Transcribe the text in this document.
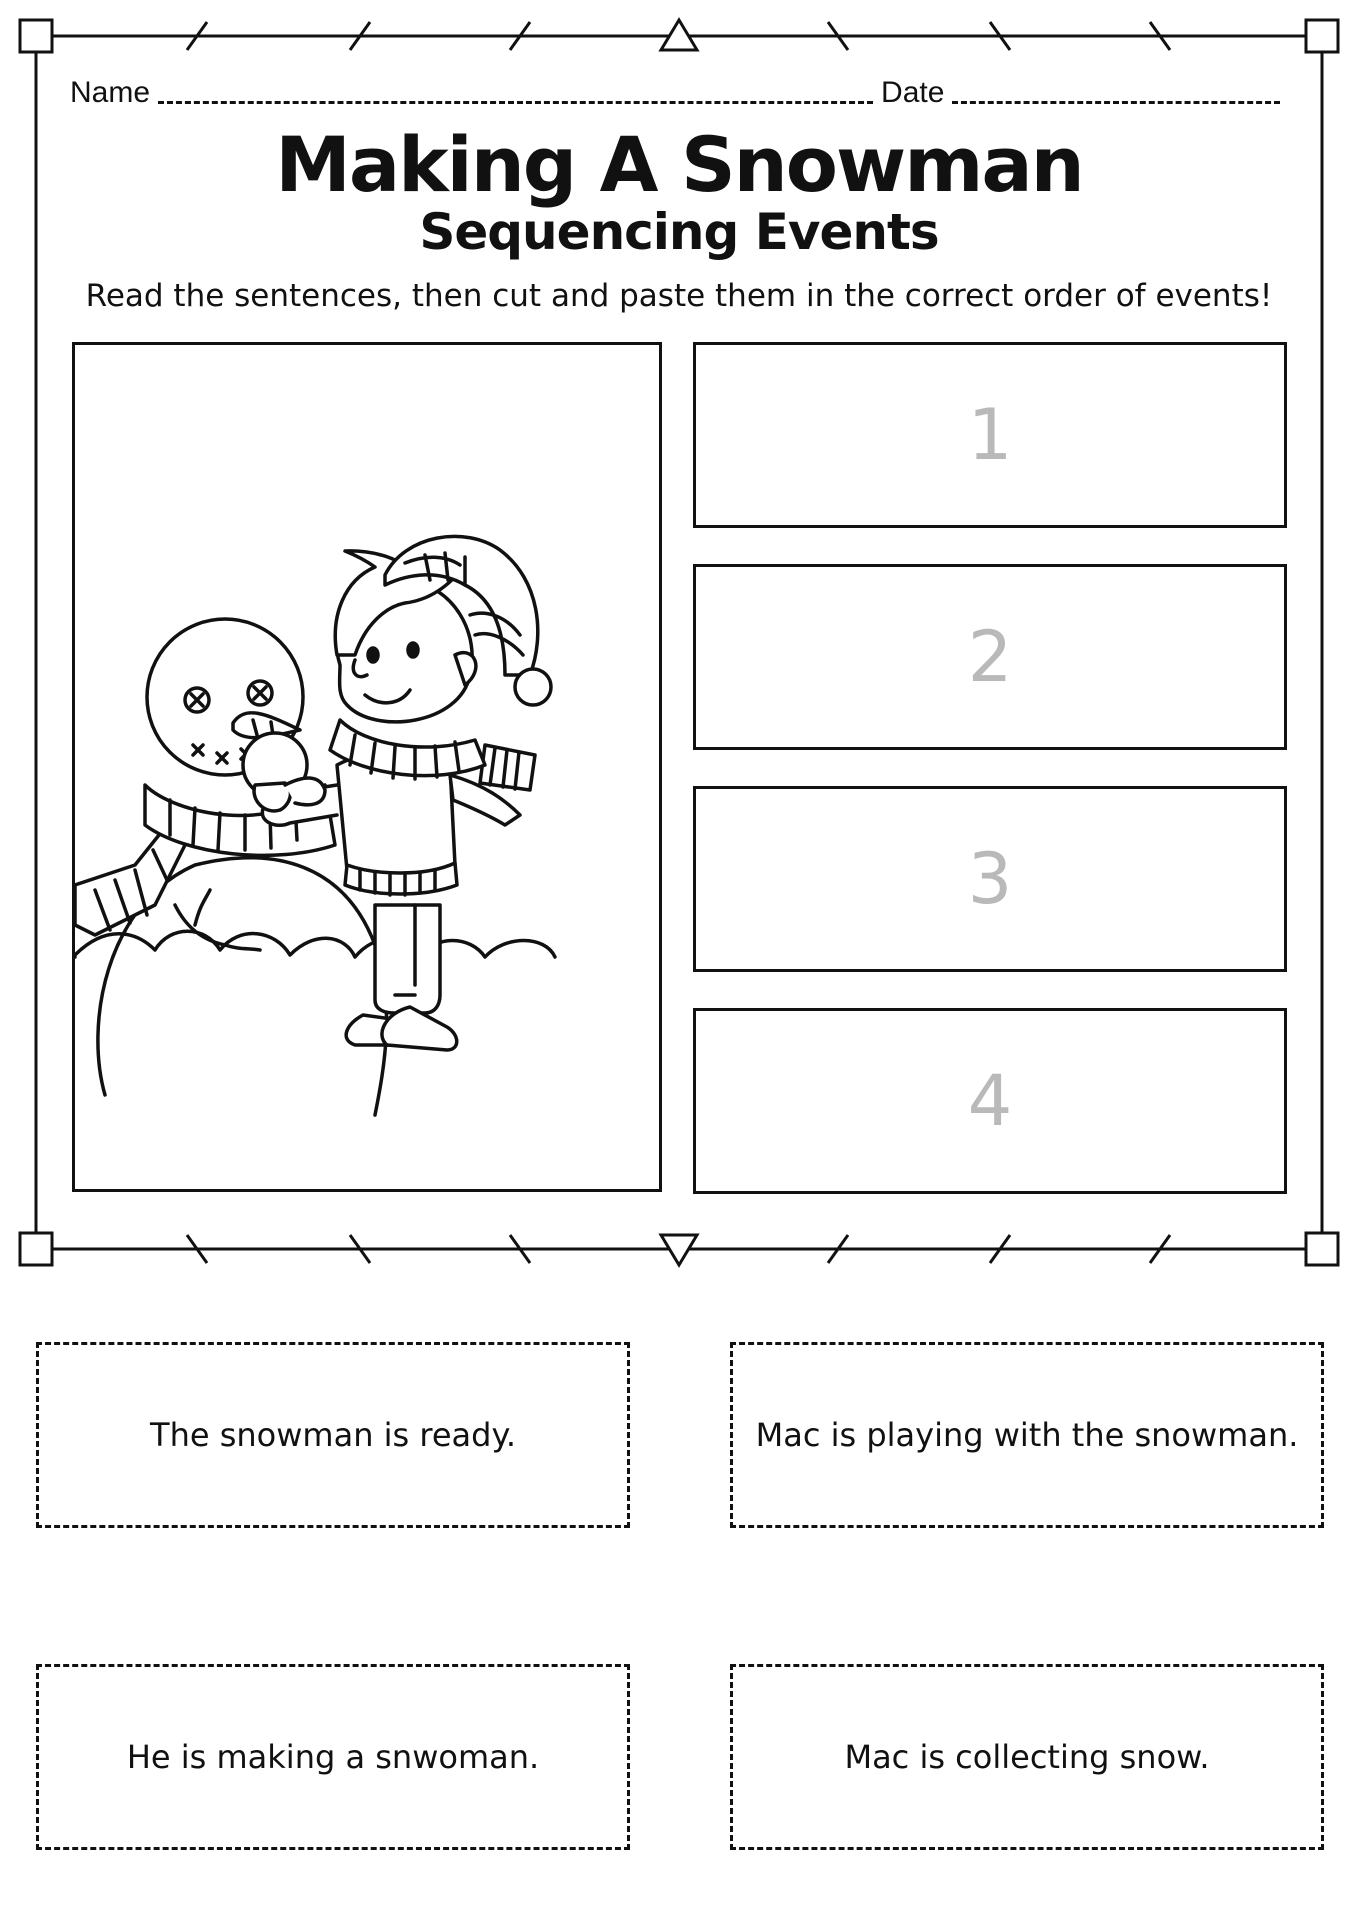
Name	Date
Making A Snowman
Sequencing Events
Read the sentences, then cut and paste them in the correct order of events!
1
2
3
4
The snowman is ready.	Mac is playing with the snowman.
He is making a snwoman.	Mac is collecting snow.
